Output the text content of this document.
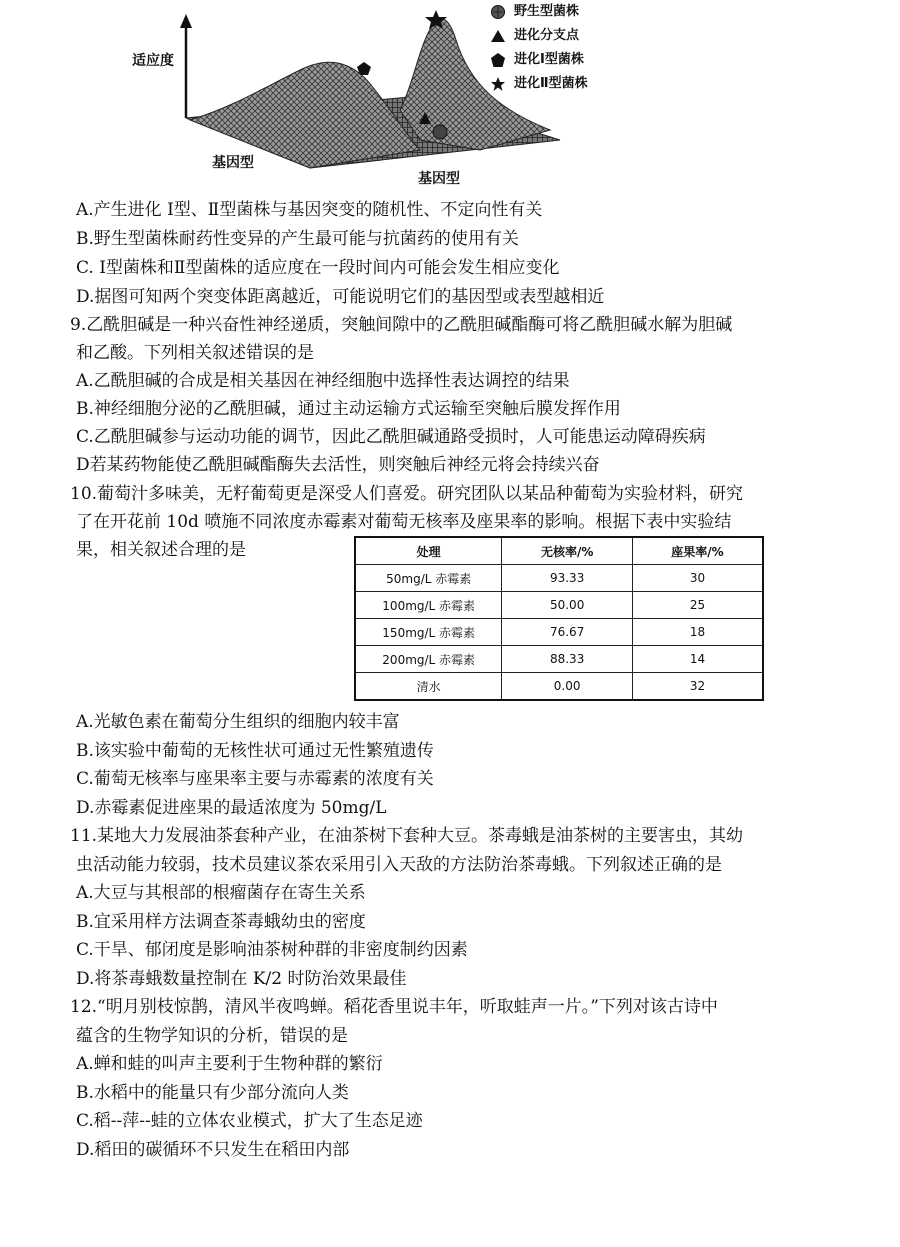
适应度
基因型
基因型
野生型菌株
进化分支点
进化Ⅰ型菌株
进化Ⅱ型菌株
A.产生进化 Ⅰ型、Ⅱ型菌株与基因突变的随机性、不定向性有关
B.野生型菌株耐药性变异的产生最可能与抗菌药的使用有关
C. Ⅰ型菌株和Ⅱ型菌株的适应度在一段时间内可能会发生相应变化
D.据图可知两个突变体距离越近，可能说明它们的基因型或表型越相近
9.乙酰胆碱是一种兴奋性神经递质，突触间隙中的乙酰胆碱酯酶可将乙酰胆碱水解为胆碱
和乙酸。下列相关叙述错误的是
A.乙酰胆碱的合成是相关基因在神经细胞中选择性表达调控的结果
B.神经细胞分泌的乙酰胆碱，通过主动运输方式运输至突触后膜发挥作用
C.乙酰胆碱参与运动功能的调节，因此乙酰胆碱通路受损时，人可能患运动障碍疾病
D若某药物能使乙酰胆碱酯酶失去活性，则突触后神经元将会持续兴奋
10.葡萄汁多味美，无籽葡萄更是深受人们喜爱。研究团队以某品种葡萄为实验材料，研究
了在开花前 10d 喷施不同浓度赤霉素对葡萄无核率及座果率的影响。根据下表中实验结
果，相关叙述合理的是	处理	无核率/%	座果率/%
50mg/L 赤霉素	93.33	30
100mg/L 赤霉素	50.00	25
150mg/L 赤霉素	76.67	18
200mg/L 赤霉素	88.33	14
清水	0.00	32
A.光敏色素在葡萄分生组织的细胞内较丰富
B.该实验中葡萄的无核性状可通过无性繁殖遗传
C.葡萄无核率与座果率主要与赤霉素的浓度有关
D.赤霉素促进座果的最适浓度为 50mg/L
11.某地大力发展油茶套种产业，在油茶树下套种大豆。茶毒蛾是油茶树的主要害虫，其幼
虫活动能力较弱，技术员建议茶农采用引入天敌的方法防治茶毒蛾。下列叙述正确的是
A.大豆与其根部的根瘤菌存在寄生关系
B.宜采用样方法调查茶毒蛾幼虫的密度
C.干旱、郁闭度是影响油茶树种群的非密度制约因素
D.将茶毒蛾数量控制在 K/2 时防治效果最佳
12.“明月别枝惊鹊，清风半夜鸣蝉。稻花香里说丰年，听取蛙声一片。”下列对该古诗中
蕴含的生物学知识的分析，错误的是
A.蝉和蛙的叫声主要利于生物种群的繁衍
B.水稻中的能量只有少部分流向人类
C.稻--萍--蛙的立体农业模式，扩大了生态足迹
D.稻田的碳循环不只发生在稻田内部
